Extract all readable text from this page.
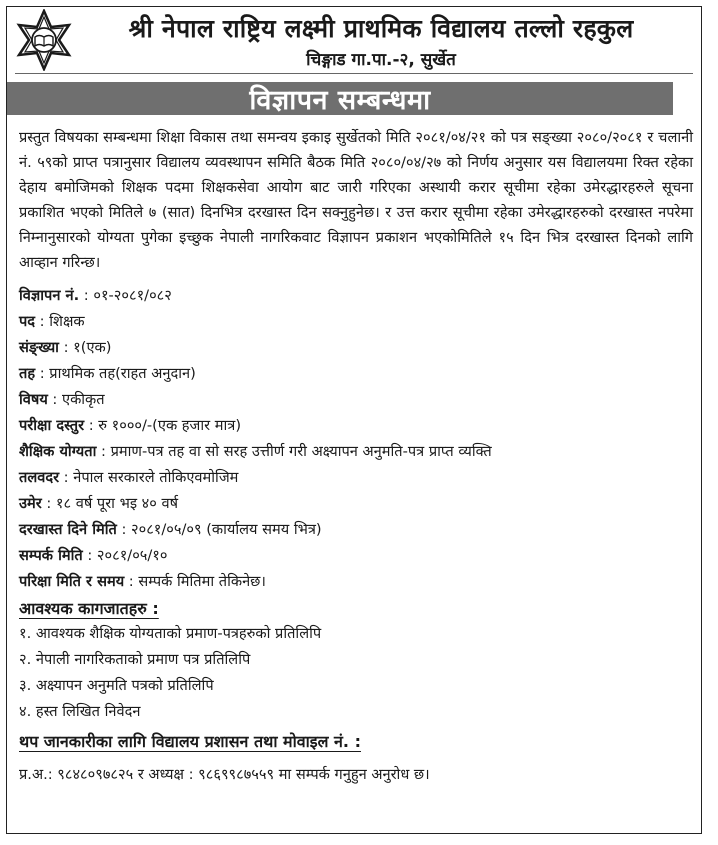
श्री नेपाल राष्ट्रिय लक्ष्मी प्राथमिक विद्यालय तल्लो रहकुल
चिङ्गाड गा.पा.-२, सुर्खेत
विज्ञापन सम्बन्धमा

प्रस्तुत विषयका सम्बन्धमा शिक्षा विकास तथा समन्वय इकाइ सुर्खेतको मिति २०८१/०४/२१ को पत्र सङ्ख्या २०८०/२०८१ र चलानी नं. ५९को प्राप्त पत्रानुसार विद्यालय व्यवस्थापन समिति बैठक मिति २०८०/०४/२७ को निर्णय अनुसार यस विद्यालयमा रिक्त रहेका देहाय बमोजिमको शिक्षक पदमा शिक्षकसेवा आयोग बाट जारी गरिएका अस्थायी करार सूचीमा रहेका उमेरद्धारहरुले सूचना प्रकाशित भएको मितिले ७ (सात) दिनभित्र दरखास्त दिन सक्नुहुनेछ। र उत्त करार सूचीमा रहेका उमेरद्धारहरुको दरखास्त नपरेमा निम्नानुसारको योग्यता पुगेका इच्छुक नेपाली नागरिकवाट विज्ञापन प्रकाशन भएकोमितिले १५ दिन भित्र दरखास्त दिनको लागि आव्हान गरिन्छ।

विज्ञापन नं. : ०१-२०८१/०८२
पद : शिक्षक
संङ्ख्या : १(एक)
तह : प्राथमिक तह(राहत अनुदान)
विषय : एकीकृत
परीक्षा दस्तुर : रु १०००/-(एक हजार मात्र)
शैक्षिक योग्यता : प्रमाण-पत्र तह वा सो सरह उत्तीर्ण गरी अक्ष्यापन अनुमति-पत्र प्राप्त व्यक्ति
तलवदर : नेपाल सरकारले तोकिएवमोजिम
उमेर : १८ वर्ष पूरा भइ ४० वर्ष
दरखास्त दिने मिति : २०८१/०५/०९ (कार्यालय समय भित्र)
सम्पर्क मिति : २०८१/०५/१०
परिक्षा मिति र समय : सम्पर्क मितिमा तेकिनेछ।
आवश्यक कागजातहरु :
१. आवश्यक शैक्षिक योग्यताको प्रमाण-पत्रहरुको प्रतिलिपि
२. नेपाली नागरिकताको प्रमाण पत्र प्रतिलिपि
३. अक्ष्यापन अनुमति पत्रको प्रतिलिपि
४. हस्त लिखित निवेदन
थप जानकारीका लागि विद्यालय प्रशासन तथा मोवाइल नं. :
प्र.अ.: ९८४८०९७८२५ र अध्यक्ष : ९८६९९८७५५९ मा सम्पर्क गनुहुन अनुरोध छ।
